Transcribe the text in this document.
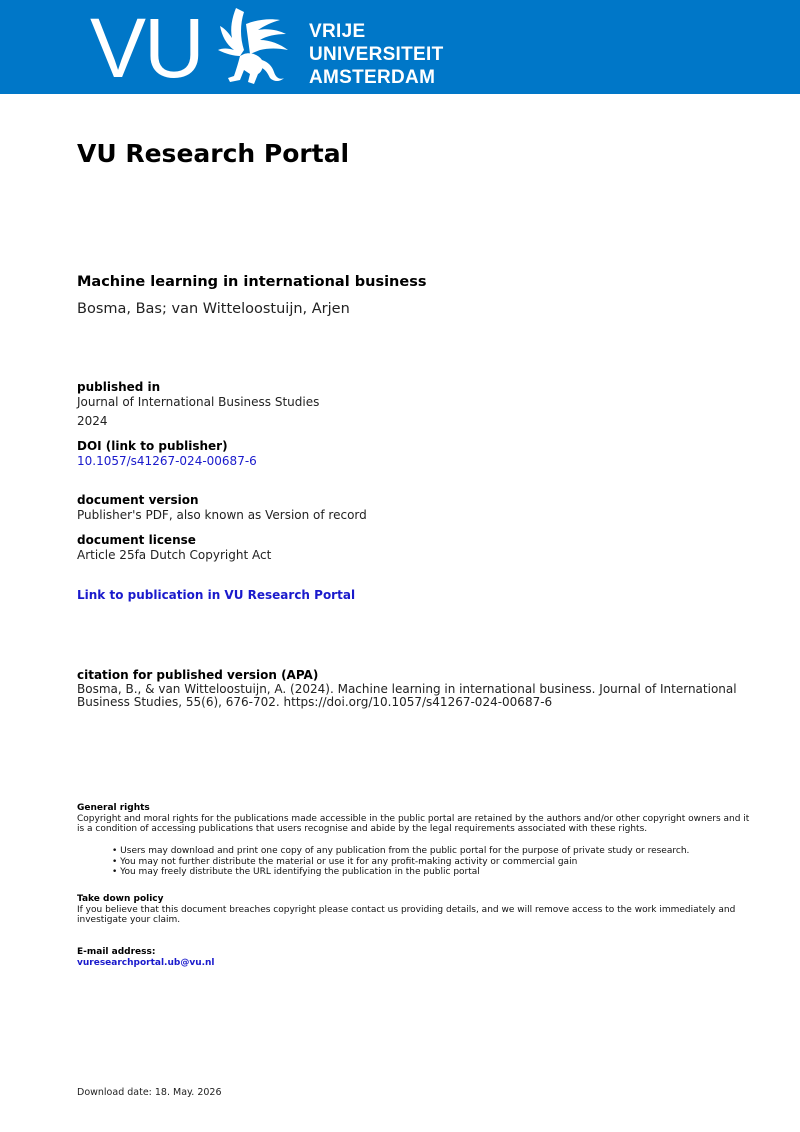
VU	VRIJE
UNIVERSITEIT
AMSTERDAM
VU Research Portal
Machine learning in international business
Bosma, Bas; van Witteloostuijn, Arjen
published in
Journal of International Business Studies
2024
DOI (link to publisher)
10.1057/s41267-024-00687-6
document version
Publisher's PDF, also known as Version of record
document license
Article 25fa Dutch Copyright Act
Link to publication in VU Research Portal
citation for published version (APA)
Bosma, B., & van Witteloostuijn, A. (2024). Machine learning in international business. Journal of International Business Studies, 55(6), 676-702. https://doi.org/10.1057/s41267-024-00687-6
General rights
Copyright and moral rights for the publications made accessible in the public portal are retained by the authors and/or other copyright owners and it is a condition of accessing publications that users recognise and abide by the legal requirements associated with these rights.
• Users may download and print one copy of any publication from the public portal for the purpose of private study or research.
• You may not further distribute the material or use it for any profit-making activity or commercial gain
• You may freely distribute the URL identifying the publication in the public portal
Take down policy
If you believe that this document breaches copyright please contact us providing details, and we will remove access to the work immediately and investigate your claim.
E-mail address:
vuresearchportal.ub@vu.nl
Download date: 18. May. 2026
